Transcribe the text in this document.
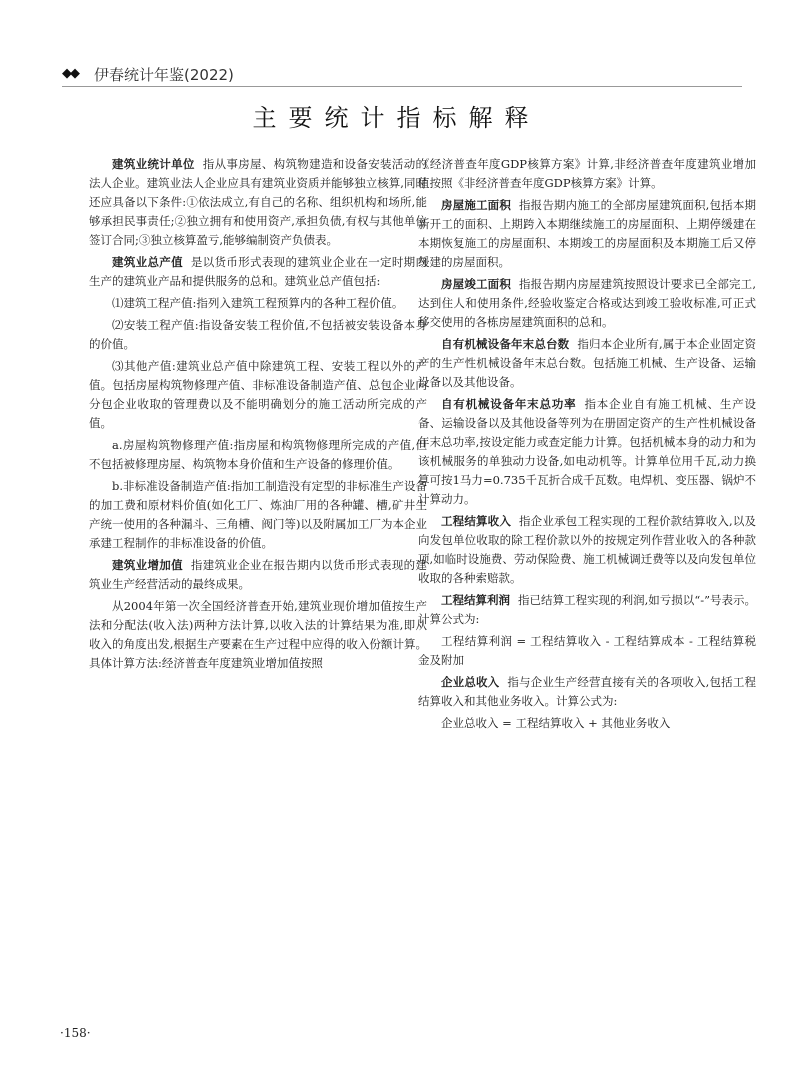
◆◆ 伊春统计年鉴(2022)
主要统计指标解释

建筑业统计单位 指从事房屋、构筑物建造和设备安装活动的法人企业。建筑业法人企业应具有建筑业资质并能够独立核算,同时还应具备以下条件:①依法成立,有自己的名称、组织机构和场所,能够承担民事责任;②独立拥有和使用资产,承担负债,有权与其他单位签订合同;③独立核算盈亏,能够编制资产负债表。

建筑业总产值 是以货币形式表现的建筑业企业在一定时期内生产的建筑业产品和提供服务的总和。建筑业总产值包括:

⑴建筑工程产值:指列入建筑工程预算内的各种工程价值。

⑵安装工程产值:指设备安装工程价值,不包括被安装设备本身的价值。

⑶其他产值:建筑业总产值中除建筑工程、安装工程以外的产值。包括房屋构筑物修理产值、非标准设备制造产值、总包企业向分包企业收取的管理费以及不能明确划分的施工活动所完成的产值。

a.房屋构筑物修理产值:指房屋和构筑物修理所完成的产值,但不包括被修理房屋、构筑物本身价值和生产设备的修理价值。

b.非标准设备制造产值:指加工制造没有定型的非标准生产设备的加工费和原材料价值(如化工厂、炼油厂用的各种罐、槽,矿井生产统一使用的各种漏斗、三角槽、阀门等)以及附属加工厂为本企业承建工程制作的非标准设备的价值。

建筑业增加值 指建筑业企业在报告期内以货币形式表现的建筑业生产经营活动的最终成果。

从2004年第一次全国经济普查开始,建筑业现价增加值按生产法和分配法(收入法)两种方法计算,以收入法的计算结果为准,即从收入的角度出发,根据生产要素在生产过程中应得的收入份额计算。具体计算方法:经济普查年度建筑业增加值按照

《经济普查年度GDP核算方案》计算,非经济普查年度建筑业增加值按照《非经济普查年度GDP核算方案》计算。

房屋施工面积 指报告期内施工的全部房屋建筑面积,包括本期新开工的面积、上期跨入本期继续施工的房屋面积、上期停缓建在本期恢复施工的房屋面积、本期竣工的房屋面积及本期施工后又停缓建的房屋面积。

房屋竣工面积 指报告期内房屋建筑按照设计要求已全部完工,达到住人和使用条件,经验收鉴定合格或达到竣工验收标准,可正式移交使用的各栋房屋建筑面积的总和。

自有机械设备年末总台数 指归本企业所有,属于本企业固定资产的生产性机械设备年末总台数。包括施工机械、生产设备、运输设备以及其他设备。

自有机械设备年末总功率 指本企业自有施工机械、生产设备、运输设备以及其他设备等列为在册固定资产的生产性机械设备年末总功率,按设定能力或查定能力计算。包括机械本身的动力和为该机械服务的单独动力设备,如电动机等。计算单位用千瓦,动力换算可按1马力=0.735千瓦折合成千瓦数。电焊机、变压器、锅炉不计算动力。

工程结算收入 指企业承包工程实现的工程价款结算收入,以及向发包单位收取的除工程价款以外的按规定列作营业收入的各种款项,如临时设施费、劳动保险费、施工机械调迁费等以及向发包单位收取的各种索赔款。

工程结算利润 指已结算工程实现的利润,如亏损以“-”号表示。计算公式为:

工程结算利润 = 工程结算收入 - 工程结算成本 - 工程结算税金及附加

企业总收入 指与企业生产经营直接有关的各项收入,包括工程结算收入和其他业务收入。计算公式为:

企业总收入 = 工程结算收入 + 其他业务收入

·158·
